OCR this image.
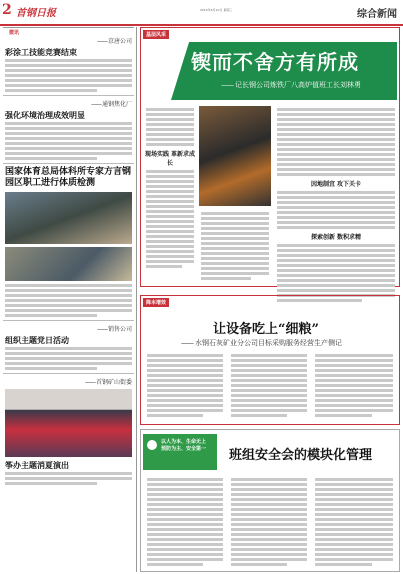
2 首钢日报	2015年6月10日 星期三	综合新闻
微讯
—— 京唐公司
彩涂工技能竞赛结束
—— 通钢焦化厂
强化环境治理成效明显
国家体育总局体科所专家方言钢园区职工进行体质检测
—— 销售公司
组织主题党日活动
—— 首钢矿山街委
筝办主题消夏演出
基层风采
锲而不舍方有所成
—— 记长钢公司炼铁厂八高炉值班工长刘林勇
现场实践 革新求成长
因地制宜 攻下关卡
探索创新 数积求精
降本增效
让设备吃上“细粮”
—— 水钢石灰矿业分公司目标采购服务经营生产侧记
以人为本、生命无上
预防为主、安全第一	班组安全会的模块化管理
